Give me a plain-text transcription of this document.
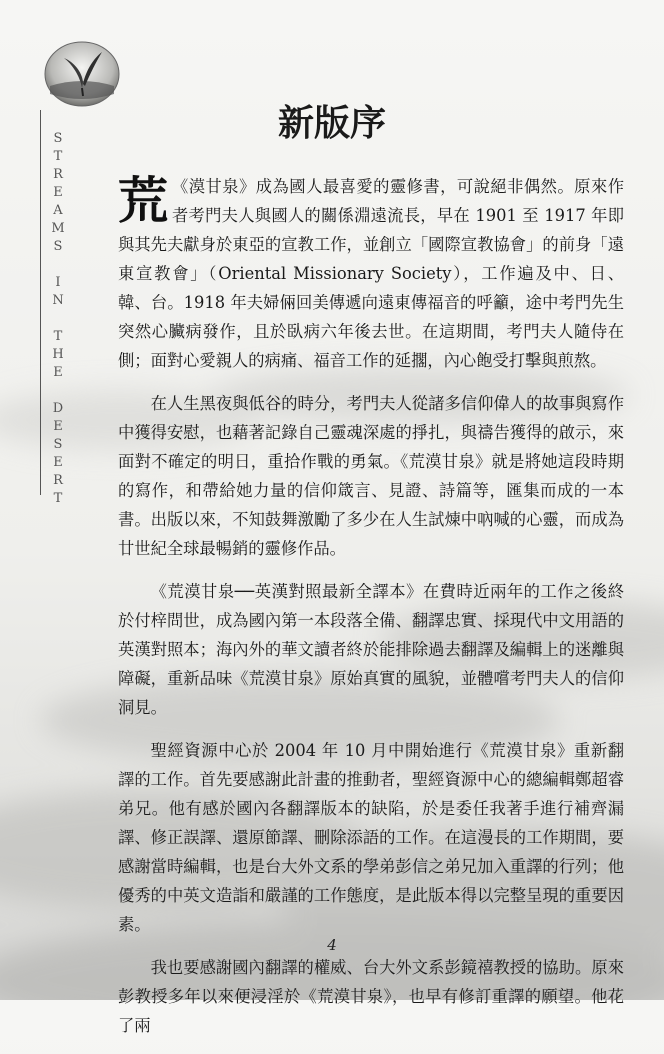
S
T
R
E
A
M
S
I
N
T
H
E
D
E
S
E
R
T
新版序

《
荒 漠甘泉》成為國人最喜愛的靈修書，可說絕非偶然。原來作者考門夫人與國人的關係淵遠流長，早在 1901 至 1917 年即與其先夫獻身於東亞的宣教工作，並創立「國際宣教協會」的前身「遠東宣教會」（Oriental Missionary Society），工作遍及中、日、韓、台。1918 年夫婦倆回美傳遞向遠東傳福音的呼籲，途中考門先生突然心臟病發作，且於臥病六年後去世。在這期間，考門夫人隨侍在側；面對心愛親人的病痛、福音工作的延擱，內心飽受打擊與煎熬。

在人生黑夜與低谷的時分，考門夫人從諸多信仰偉人的故事與寫作中獲得安慰，也藉著記錄自己靈魂深處的掙扎，與禱告獲得的啟示，來面對不確定的明日，重拾作戰的勇氣。《荒漠甘泉》就是將她這段時期的寫作，和帶給她力量的信仰箴言、見證、詩篇等，匯集而成的一本書。出版以來，不知鼓舞激勵了多少在人生試煉中吶喊的心靈，而成為廿世紀全球最暢銷的靈修作品。

《荒漠甘泉──英漢對照最新全譯本》在費時近兩年的工作之後終於付梓問世，成為國內第一本段落全備、翻譯忠實、採現代中文用語的英漢對照本；海內外的華文讀者終於能排除過去翻譯及編輯上的迷離與障礙，重新品味《荒漠甘泉》原始真實的風貌，並體嚐考門夫人的信仰洞見。

聖經資源中心於 2004 年 10 月中開始進行《荒漠甘泉》重新翻譯的工作。首先要感謝此計畫的推動者，聖經資源中心的總編輯鄭超睿弟兄。他有感於國內各翻譯版本的缺陷，於是委任我著手進行補齊漏譯、修正誤譯、還原節譯、刪除添語的工作。在這漫長的工作期間，要感謝當時編輯，也是台大外文系的學弟彭信之弟兄加入重譯的行列；他優秀的中英文造詣和嚴謹的工作態度，是此版本得以完整呈現的重要因素。

我也要感謝國內翻譯的權威、台大外文系彭鏡禧教授的協助。原來彭教授多年以來便浸淫於《荒漠甘泉》，也早有修訂重譯的願望。他花了兩

4
